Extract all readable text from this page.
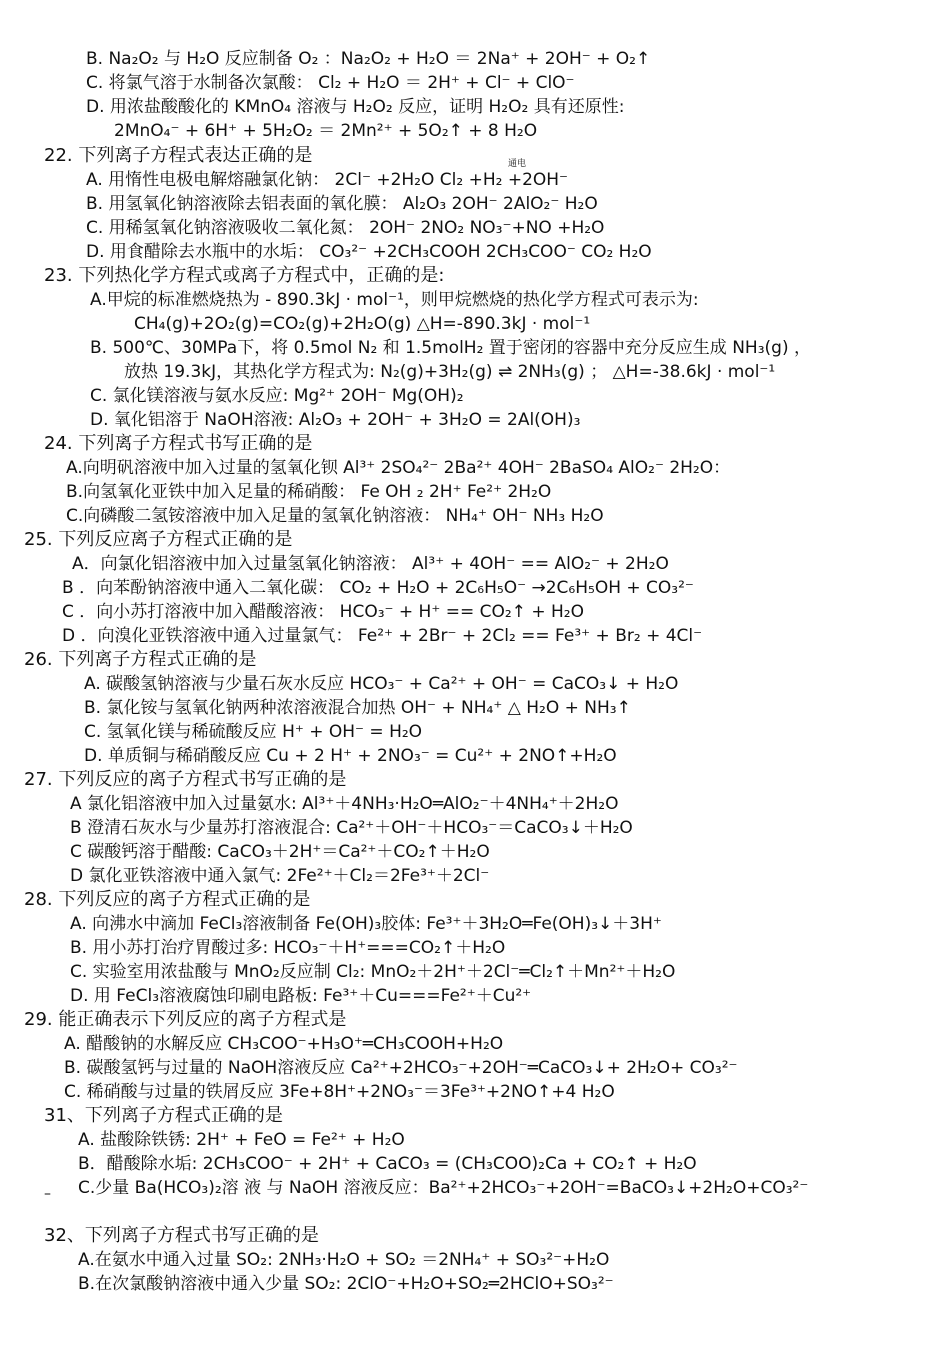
B. Na₂O₂ 与 H₂O 反应制备 O₂ ：Na₂O₂ + H₂O ＝ 2Na⁺ + 2OH⁻ + O₂↑
C. 将氯气溶于水制备次氯酸： Cl₂ + H₂O ＝ 2H⁺ + Cl⁻ + ClO⁻
D. 用浓盐酸酸化的 KMnO₄ 溶液与 H₂O₂ 反应，证明 H₂O₂ 具有还原性:
2MnO₄⁻ + 6H⁺ + 5H₂O₂ ＝ 2Mn²⁺ + 5O₂↑ + 8 H₂O
22. 下列离子方程式表达正确的是
A. 用惰性电极电解熔融氯化钠： 2Cl⁻ +2H₂O Cl₂ +H₂ +2OH⁻
B. 用氢氧化钠溶液除去铝表面的氧化膜： Al₂O₃ 2OH⁻ 2AlO₂⁻ H₂O
C. 用稀氢氧化钠溶液吸收二氧化氮： 2OH⁻ 2NO₂ NO₃⁻+NO +H₂O
D. 用食醋除去水瓶中的水垢： CO₃²⁻ +2CH₃COOH 2CH₃COO⁻ CO₂ H₂O
23. 下列热化学方程式或离子方程式中，正确的是:
A.甲烷的标准燃烧热为 - 890.3kJ · mol⁻¹，则甲烷燃烧的热化学方程式可表示为:
CH₄(g)+2O₂(g)=CO₂(g)+2H₂O(g) △H=-890.3kJ · mol⁻¹
B. 500℃、30MPa下，将 0.5mol N₂ 和 1.5molH₂ 置于密闭的容器中充分反应生成 NH₃(g) ，
放热 19.3kJ，其热化学方程式为: N₂(g)+3H₂(g) ⇌ 2NH₃(g) ； △H=-38.6kJ · mol⁻¹
C. 氯化镁溶液与氨水反应: Mg²⁺ 2OH⁻ Mg(OH)₂
D. 氧化铝溶于 NaOH溶液: Al₂O₃ + 2OH⁻ + 3H₂O = 2Al(OH)₃
24. 下列离子方程式书写正确的是
A.向明矾溶液中加入过量的氢氧化钡 Al³⁺ 2SO₄²⁻ 2Ba²⁺ 4OH⁻ 2BaSO₄ AlO₂⁻ 2H₂O：
B.向氢氧化亚铁中加入足量的稀硝酸： Fe OH ₂ 2H⁺ Fe²⁺ 2H₂O
C.向磷酸二氢铵溶液中加入足量的氢氧化钠溶液： NH₄⁺ OH⁻ NH₃ H₂O
25. 下列反应离子方程式正确的是
A．向氯化铝溶液中加入过量氢氧化钠溶液： Al³⁺ + 4OH⁻ == AlO₂⁻ + 2H₂O
B ．向苯酚钠溶液中通入二氧化碳： CO₂ + H₂O + 2C₆H₅O⁻ →2C₆H₅OH + CO₃²⁻
C ．向小苏打溶液中加入醋酸溶液： HCO₃⁻ + H⁺ == CO₂↑ + H₂O
D ．向溴化亚铁溶液中通入过量氯气： Fe²⁺ + 2Br⁻ + 2Cl₂ == Fe³⁺ + Br₂ + 4Cl⁻
26. 下列离子方程式正确的是
A. 碳酸氢钠溶液与少量石灰水反应 HCO₃⁻ + Ca²⁺ + OH⁻ = CaCO₃↓ + H₂O
B. 氯化铵与氢氧化钠两种浓溶液混合加热 OH⁻ + NH₄⁺ △ H₂O + NH₃↑
C. 氢氧化镁与稀硫酸反应 H⁺ + OH⁻ = H₂O
D. 单质铜与稀硝酸反应 Cu + 2 H⁺ + 2NO₃⁻ = Cu²⁺ + 2NO↑+H₂O
27. 下列反应的离子方程式书写正确的是
A 氯化铝溶液中加入过量氨水: Al³⁺＋4NH₃·H₂O═AlO₂⁻＋4NH₄⁺＋2H₂O
B 澄清石灰水与少量苏打溶液混合: Ca²⁺＋OH⁻＋HCO₃⁻＝CaCO₃↓＋H₂O
C 碳酸钙溶于醋酸: CaCO₃＋2H⁺＝Ca²⁺＋CO₂↑＋H₂O
D 氯化亚铁溶液中通入氯气: 2Fe²⁺＋Cl₂＝2Fe³⁺＋2Cl⁻
28. 下列反应的离子方程式正确的是
A. 向沸水中滴加 FeCl₃溶液制备 Fe(OH)₃胶体: Fe³⁺＋3H₂O═Fe(OH)₃↓＋3H⁺
B. 用小苏打治疗胃酸过多: HCO₃⁻＋H⁺===CO₂↑＋H₂O
C. 实验室用浓盐酸与 MnO₂反应制 Cl₂: MnO₂＋2H⁺＋2Cl⁻═Cl₂↑＋Mn²⁺＋H₂O
D. 用 FeCl₃溶液腐蚀印刷电路板: Fe³⁺＋Cu===Fe²⁺＋Cu²⁺
29. 能正确表示下列反应的离子方程式是
A. 醋酸钠的水解反应 CH₃COO⁻+H₃O⁺═CH₃COOH+H₂O
B. 碳酸氢钙与过量的 NaOH溶液反应 Ca²⁺+2HCO₃⁻+2OH⁻═CaCO₃↓+ 2H₂O+ CO₃²⁻
C. 稀硝酸与过量的铁屑反应 3Fe+8H⁺+2NO₃⁻＝3Fe³⁺+2NO↑+4 H₂O
31、下列离子方程式正确的是
A. 盐酸除铁锈: 2H⁺ + FeO = Fe²⁺ + H₂O
B．醋酸除水垢: 2CH₃COO⁻ + 2H⁺ + CaCO₃ = (CH₃COO)₂Ca + CO₂↑ + H₂O
C.少量 Ba(HCO₃)₂溶 液 与 NaOH 溶液反应：Ba²⁺+2HCO₃⁻+2OH⁻=BaCO₃↓+2H₂O+CO₃²⁻
32、下列离子方程式书写正确的是
A.在氨水中通入过量 SO₂: 2NH₃·H₂O + SO₂ ＝2NH₄⁺ + SO₃²⁻+H₂O
B.在次氯酸钠溶液中通入少量 SO₂: 2ClO⁻+H₂O+SO₂═2HClO+SO₃²⁻
通电
–
